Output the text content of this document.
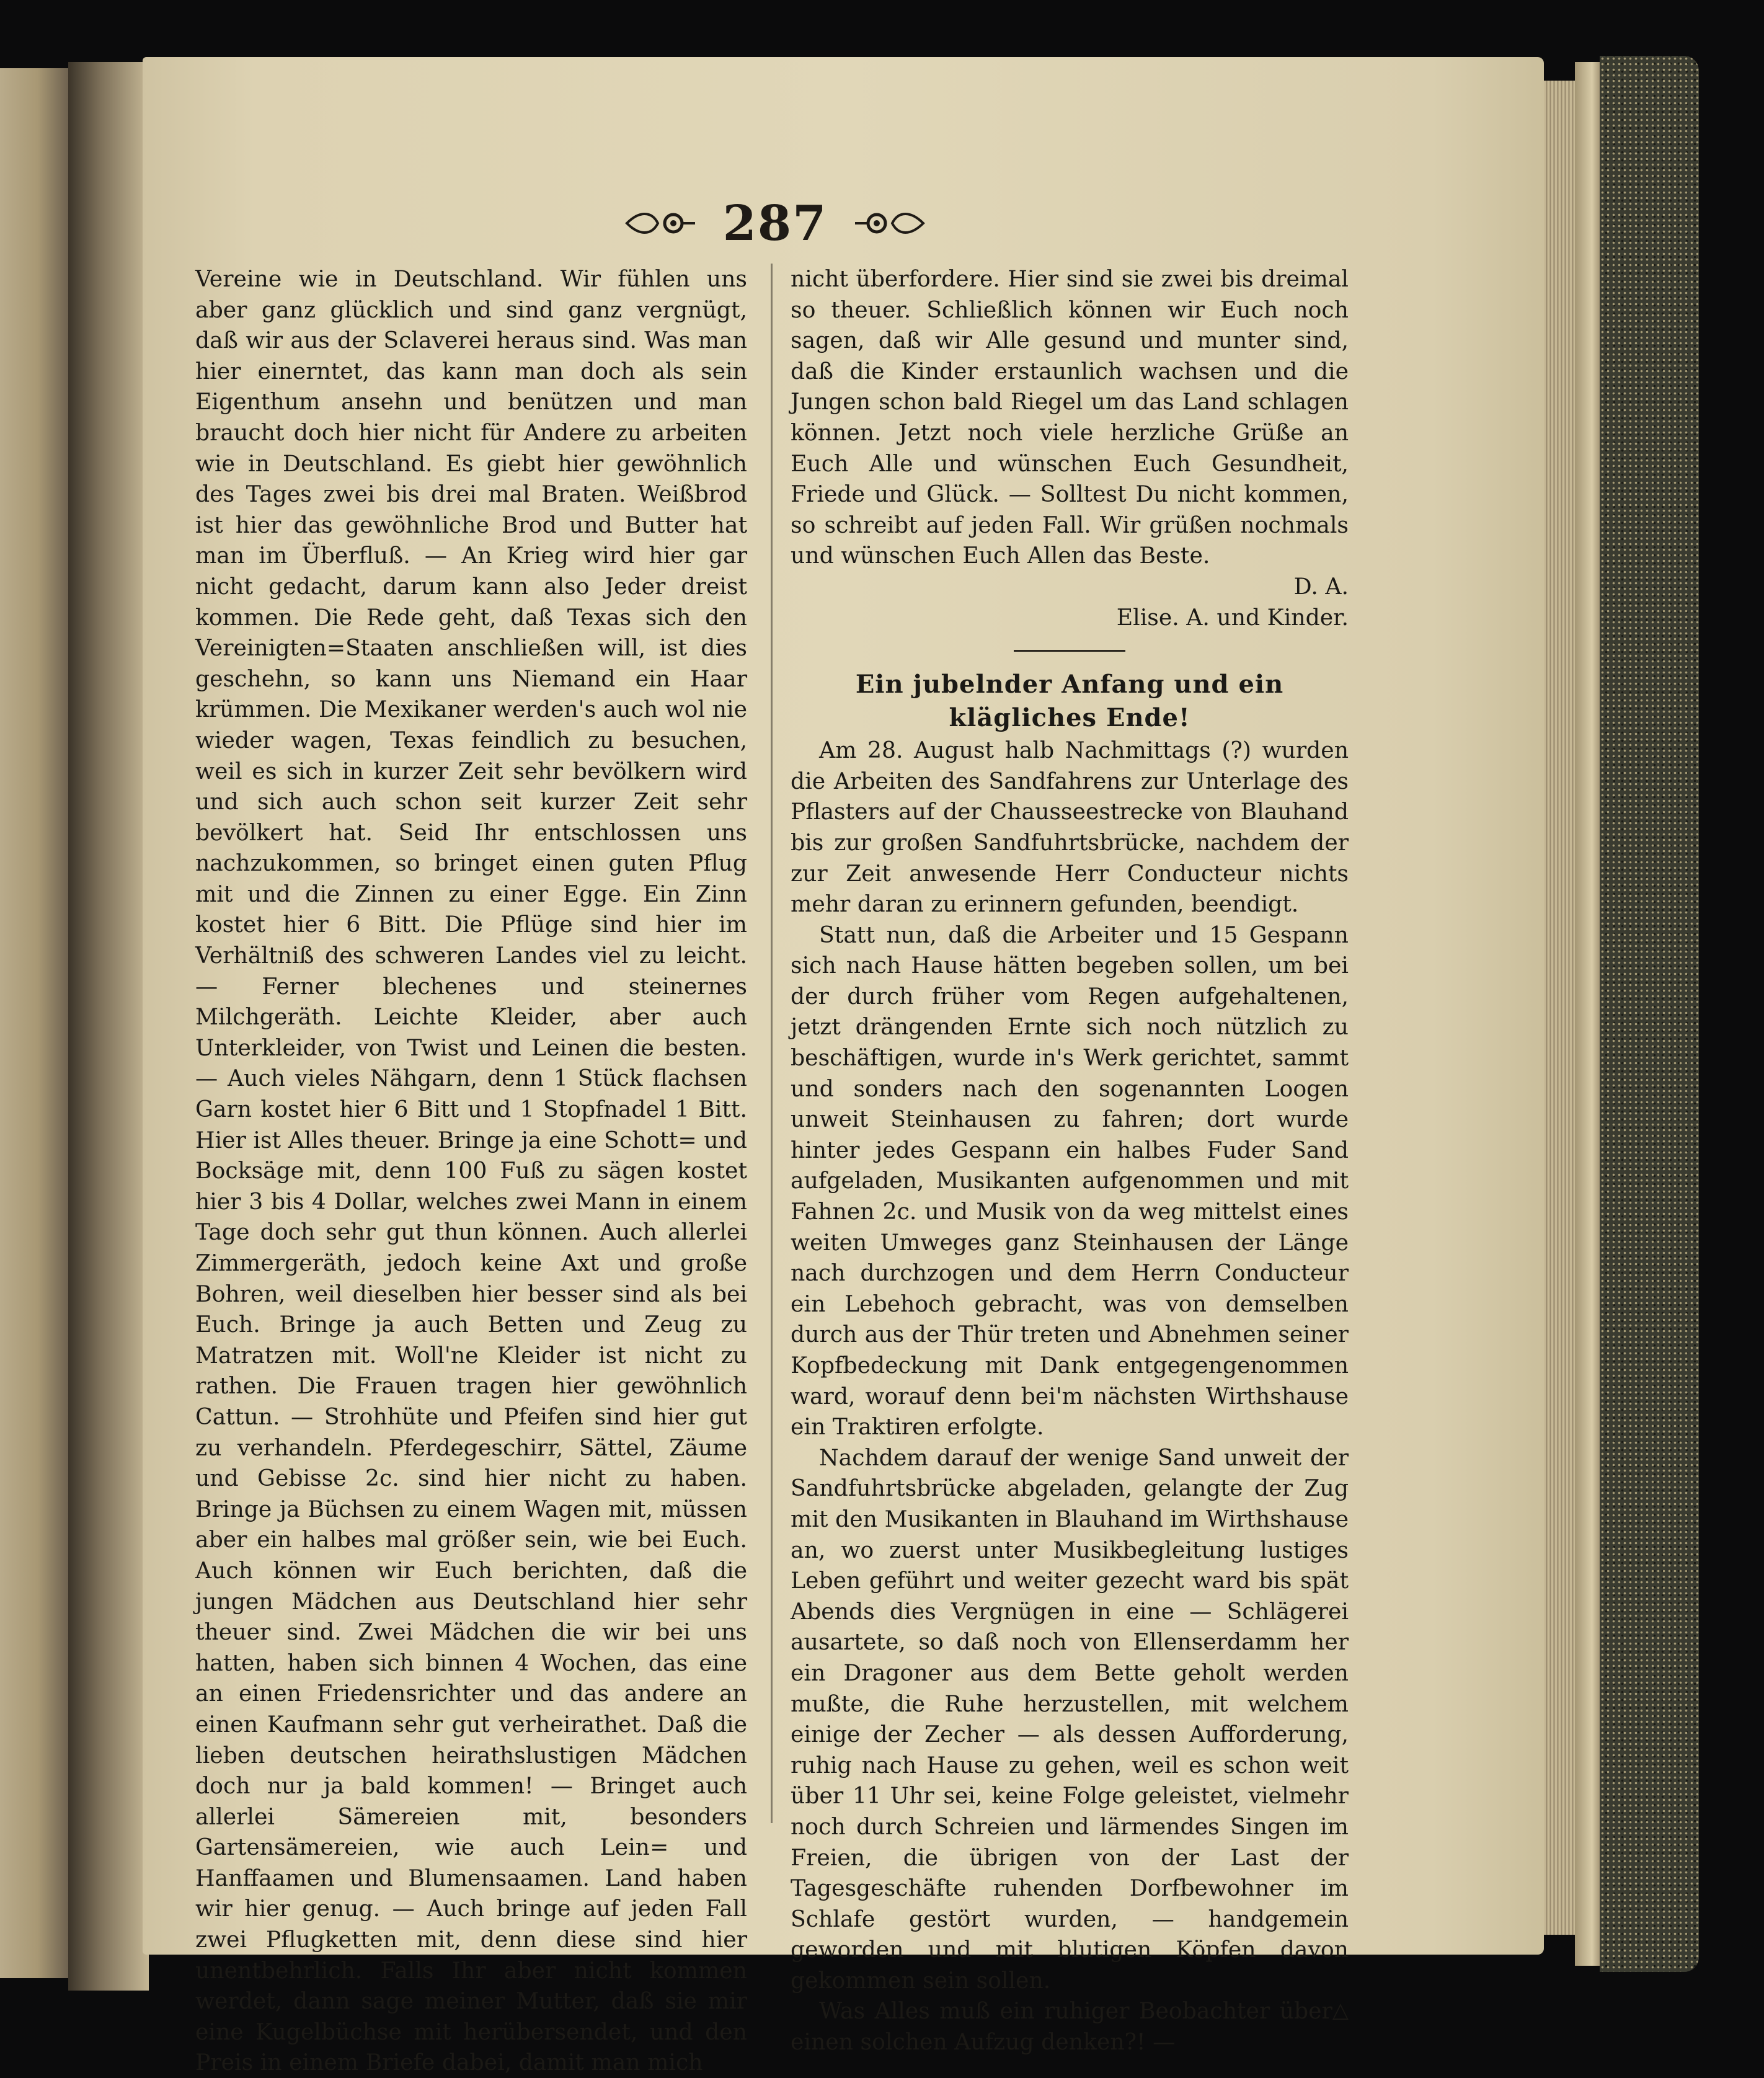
287

Vereine wie in Deutschland. Wir fühlen uns aber ganz glücklich und sind ganz vergnügt, daß wir aus der Sclaverei heraus sind. Was man hier einerntet, das kann man doch als sein Eigenthum ansehn und benützen und man braucht doch hier nicht für Andere zu arbeiten wie in Deutschland. Es giebt hier gewöhnlich des Tages zwei bis drei mal Braten. Weißbrod ist hier das gewöhnliche Brod und Butter hat man im Überfluß. — An Krieg wird hier gar nicht gedacht, darum kann also Jeder dreist kommen. Die Rede geht, daß Texas sich den Vereinigten=Staaten anschließen will, ist dies geschehn, so kann uns Niemand ein Haar krümmen. Die Mexikaner werden's auch wol nie wieder wagen, Texas feindlich zu besuchen, weil es sich in kurzer Zeit sehr bevölkern wird und sich auch schon seit kurzer Zeit sehr bevölkert hat. Seid Ihr entschlossen uns nachzukommen, so bringet einen guten Pflug mit und die Zinnen zu einer Egge. Ein Zinn kostet hier 6 Bitt. Die Pflüge sind hier im Verhältniß des schweren Landes viel zu leicht. — Ferner blechenes und steinernes Milchgeräth. Leichte Kleider, aber auch Unterkleider, von Twist und Leinen die besten. — Auch vieles Nähgarn, denn 1 Stück flachsen Garn kostet hier 6 Bitt und 1 Stopfnadel 1 Bitt. Hier ist Alles theuer. Bringe ja eine Schott= und Bocksäge mit, denn 100 Fuß zu sägen kostet hier 3 bis 4 Dollar, welches zwei Mann in einem Tage doch sehr gut thun können. Auch allerlei Zimmergeräth, jedoch keine Axt und große Bohren, weil dieselben hier besser sind als bei Euch. Bringe ja auch Betten und Zeug zu Matratzen mit. Woll'ne Kleider ist nicht zu rathen. Die Frauen tragen hier gewöhnlich Cattun. — Strohhüte und Pfeifen sind hier gut zu verhandeln. Pferdegeschirr, Sättel, Zäume und Gebisse 2c. sind hier nicht zu haben. Bringe ja Büchsen zu einem Wagen mit, müssen aber ein halbes mal größer sein, wie bei Euch. Auch können wir Euch berichten, daß die jungen Mädchen aus Deutschland hier sehr theuer sind. Zwei Mädchen die wir bei uns hatten, haben sich binnen 4 Wochen, das eine an einen Friedensrichter und das andere an einen Kaufmann sehr gut verheirathet. Daß die lieben deutschen heirathslustigen Mädchen doch nur ja bald kommen! — Bringet auch allerlei Sämereien mit, besonders Gartensämereien, wie auch Lein= und Hanffaamen und Blumensaamen. Land haben wir hier genug. — Auch bringe auf jeden Fall zwei Pflugketten mit, denn diese sind hier unentbehrlich. Falls Ihr aber nicht kommen werdet, dann sage meiner Mutter, daß sie mir eine Kugelbüchse mit herübersendet, und den Preis in einem Briefe dabei, damit man mich

nicht überfordere. Hier sind sie zwei bis dreimal so theuer. Schließlich können wir Euch noch sagen, daß wir Alle gesund und munter sind, daß die Kinder erstaunlich wachsen und die Jungen schon bald Riegel um das Land schlagen können. Jetzt noch viele herzliche Grüße an Euch Alle und wünschen Euch Gesundheit, Friede und Glück. — Solltest Du nicht kommen, so schreibt auf jeden Fall. Wir grüßen nochmals und wünschen Euch Allen das Beste.

D. A.

Elise. A. und Kinder.

Ein jubelnder Anfang und ein klägliches Ende!

Am 28. August halb Nachmittags (?) wurden die Arbeiten des Sandfahrens zur Unterlage des Pflasters auf der Chausseestrecke von Blauhand bis zur großen Sandfuhrtsbrücke, nachdem der zur Zeit anwesende Herr Conducteur nichts mehr daran zu erinnern gefunden, beendigt.

Statt nun, daß die Arbeiter und 15 Gespann sich nach Hause hätten begeben sollen, um bei der durch früher vom Regen aufgehaltenen, jetzt drängenden Ernte sich noch nützlich zu beschäftigen, wurde in's Werk gerichtet, sammt und sonders nach den sogenannten Loogen unweit Steinhausen zu fahren; dort wurde hinter jedes Gespann ein halbes Fuder Sand aufgeladen, Musikanten aufgenommen und mit Fahnen 2c. und Musik von da weg mittelst eines weiten Umweges ganz Steinhausen der Länge nach durchzogen und dem Herrn Conducteur ein Lebehoch gebracht, was von demselben durch aus der Thür treten und Abnehmen seiner Kopfbedeckung mit Dank entgegengenommen ward, worauf denn bei'm nächsten Wirthshause ein Traktiren erfolgte.

Nachdem darauf der wenige Sand unweit der Sandfuhrtsbrücke abgeladen, gelangte der Zug mit den Musikanten in Blauhand im Wirthshause an, wo zuerst unter Musikbegleitung lustiges Leben geführt und weiter gezecht ward bis spät Abends dies Vergnügen in eine — Schlägerei ausartete, so daß noch von Ellenserdamm her ein Dragoner aus dem Bette geholt werden mußte, die Ruhe herzustellen, mit welchem einige der Zecher — als dessen Aufforderung, ruhig nach Hause zu gehen, weil es schon weit über 11 Uhr sei, keine Folge geleistet, vielmehr noch durch Schreien und lärmendes Singen im Freien, die übrigen von der Last der Tagesgeschäfte ruhenden Dorfbewohner im Schlafe gestört wurden, — handgemein geworden und mit blutigen Köpfen davon gekommen sein sollen.

Was Alles muß ein ruhiger Beobachter über einen solchen Aufzug denken?! —
△
